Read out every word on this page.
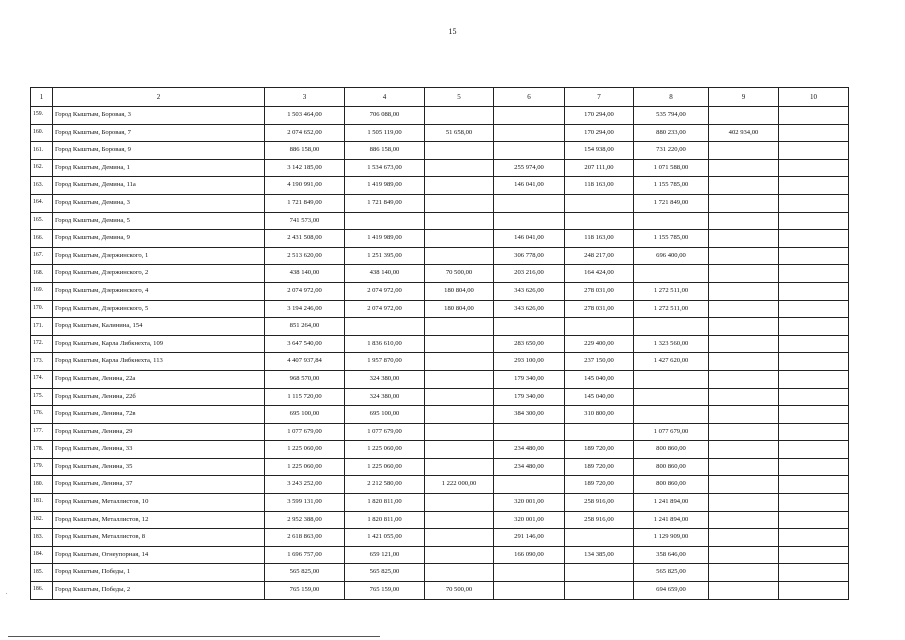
15
1	2	3	4	5	6	7	8	9	10
159.	Город Кыштым, Боровая, 3	1 503 464,00	706 088,00			170 294,00	535 794,00		
160.	Город Кыштым, Боровая, 7	2 074 652,00	1 505 119,00	51 658,00		170 294,00	880 233,00	402 934,00	
161.	Город Кыштым, Боровая, 9	886 158,00	886 158,00			154 938,00	731 220,00		
162.	Город Кыштым, Демина, 1	3 142 185,00	1 534 673,00		255 974,00	207 111,00	1 071 588,00		
163.	Город Кыштым, Демина, 11а	4 190 991,00	1 419 989,00		146 041,00	118 163,00	1 155 785,00		
164.	Город Кыштым, Демина, 3	1 721 849,00	1 721 849,00				1 721 849,00		
165.	Город Кыштым, Демина, 5	741 573,00							
166.	Город Кыштым, Демина, 9	2 431 508,00	1 419 989,00		146 041,00	118 163,00	1 155 785,00		
167.	Город Кыштым, Дзержинского, 1	2 513 620,00	1 251 395,00		306 778,00	248 217,00	696 400,00		
168.	Город Кыштым, Дзержинского, 2	438 140,00	438 140,00	70 500,00	203 216,00	164 424,00			
169.	Город Кыштым, Дзержинского, 4	2 074 972,00	2 074 972,00	180 804,00	343 626,00	278 031,00	1 272 511,00		
170.	Город Кыштым, Дзержинского, 5	3 194 246,00	2 074 972,00	180 804,00	343 626,00	278 031,00	1 272 511,00		
171.	Город Кыштым, Калинина, 154	851 264,00							
172.	Город Кыштым, Карла Либкнехта, 109	3 647 540,00	1 836 610,00		283 650,00	229 400,00	1 323 560,00		
173.	Город Кыштым, Карла Либкнехта, 113	4 407 937,84	1 957 870,00		293 100,00	237 150,00	1 427 620,00		
174.	Город Кыштым, Ленина, 22а	968 570,00	324 380,00		179 340,00	145 040,00			
175.	Город Кыштым, Ленина, 22б	1 115 720,00	324 380,00		179 340,00	145 040,00			
176.	Город Кыштым, Ленина, 72в	695 100,00	695 100,00		384 300,00	310 800,00			
177.	Город Кыштым, Ленина, 29	1 077 679,00	1 077 679,00				1 077 679,00		
178.	Город Кыштым, Ленина, 33	1 225 060,00	1 225 060,00		234 480,00	189 720,00	800 860,00		
179.	Город Кыштым, Ленина, 35	1 225 060,00	1 225 060,00		234 480,00	189 720,00	800 860,00		
180.	Город Кыштым, Ленина, 37	3 243 252,00	2 212 580,00	1 222 000,00		189 720,00	800 860,00		
181.	Город Кыштым, Металлистов, 10	3 599 131,00	1 820 811,00		320 001,00	258 916,00	1 241 894,00		
182.	Город Кыштым, Металлистов, 12	2 952 388,00	1 820 811,00		320 001,00	258 916,00	1 241 894,00		
183.	Город Кыштым, Металлистов, 8	2 618 863,00	1 421 055,00		291 146,00		1 129 909,00		
184.	Город Кыштым, Огнеупорная, 14	1 696 757,00	659 121,00		166 090,00	134 385,00	358 646,00		
185.	Город Кыштым, Победы, 1	565 825,00	565 825,00				565 825,00		
186.	Город Кыштым, Победы, 2	765 159,00	765 159,00	70 500,00			694 659,00		
